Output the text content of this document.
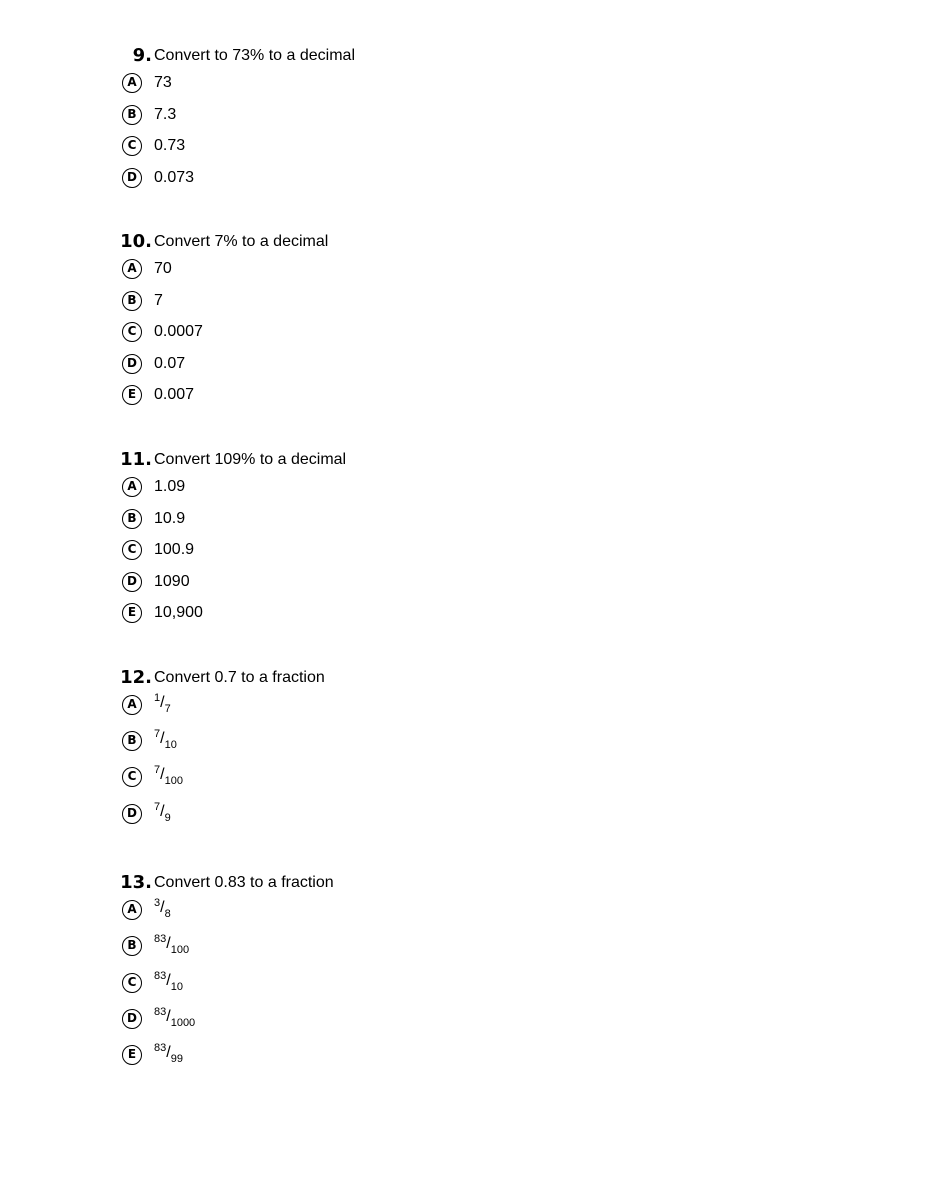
9. Convert to 73% to a decimal
A	73
B	7.3
C	0.73
D	0.073
10. Convert 7% to a decimal
A	70
B	7
C	0.0007
D	0.07
E	0.007
11. Convert 109% to a decimal
A	1.09
B	10.9
C	100.9
D	1090
E	10,900
12. Convert 0.7 to a fraction
A	$^1/_7$
B	$^7/_{10}$
C	$^7/_{100}$
D	$^7/_9$
13. Convert 0.83 to a fraction
A	$^3/_8$
B	$^{83}/_{100}$
C	$^{83}/_{10}$
D	$^{83}/_{1000}$
E	$^{83}/_{99}$
